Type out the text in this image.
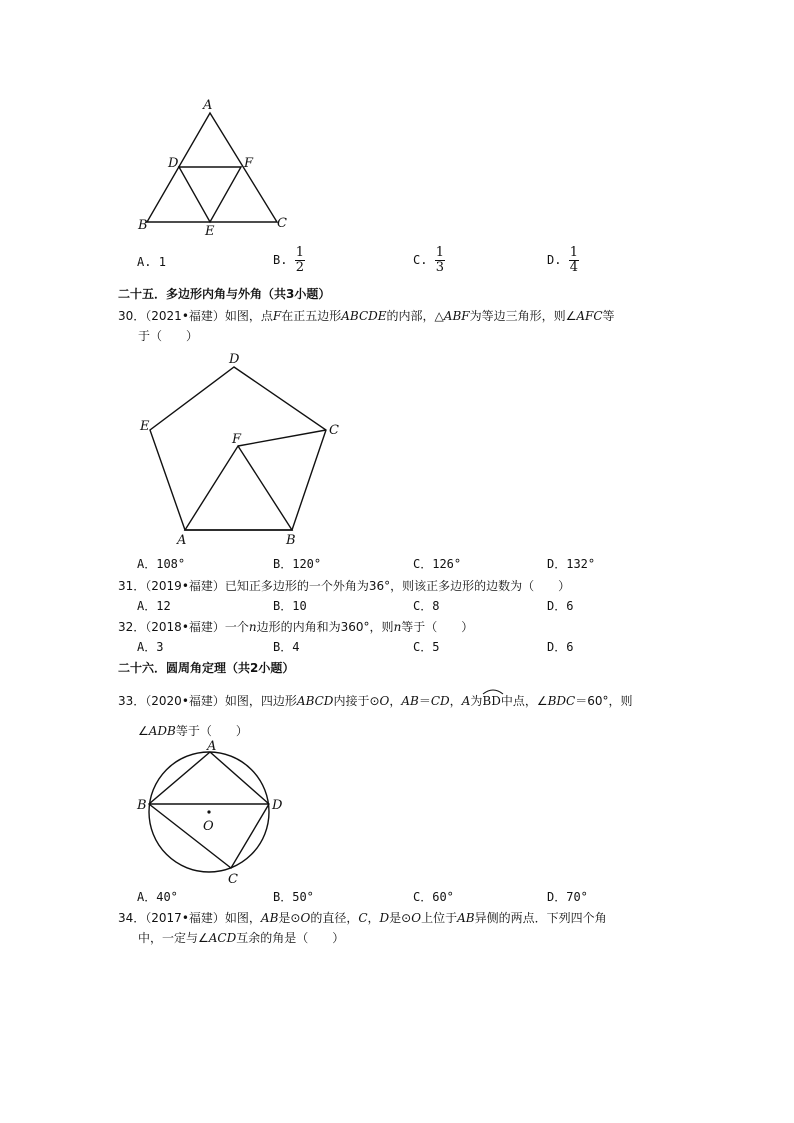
A
D	F
B	C
E
A. 1	B. $\frac{1}{2}$	C. $\frac{1}{3}$	D. $\frac{1}{4}$
二十五．多边形内角与外角（共3小题）
30．（2021•福建）如图，点F在正五边形ABCDE的内部，△ABF为等边三角形，则∠AFC等
于（　　）
D
E	C
F
A	B
A．108°	B．120°	C．126°	D．132°
31．（2019•福建）已知正多边形的一个外角为36°，则该正多边形的边数为（　　）
A．12	B．10	C．8	D．6
32．（2018•福建）一个n边形的内角和为360°，则n等于（　　）
A．3	B．4	C．5	D．6
二十六．圆周角定理（共2小题）
33．（2020•福建）如图，四边形ABCD内接于⊙O，AB＝CD，A为
BD中点，∠BDC＝60°，则
∠ADB等于（　　）
A
B	D
O
C
A．40°	B．50°	C．60°	D．70°
34．（2017•福建）如图，AB是⊙O的直径，C，D是⊙O上位于AB异侧的两点．下列四个角
中，一定与∠ACD互余的角是（　　）
